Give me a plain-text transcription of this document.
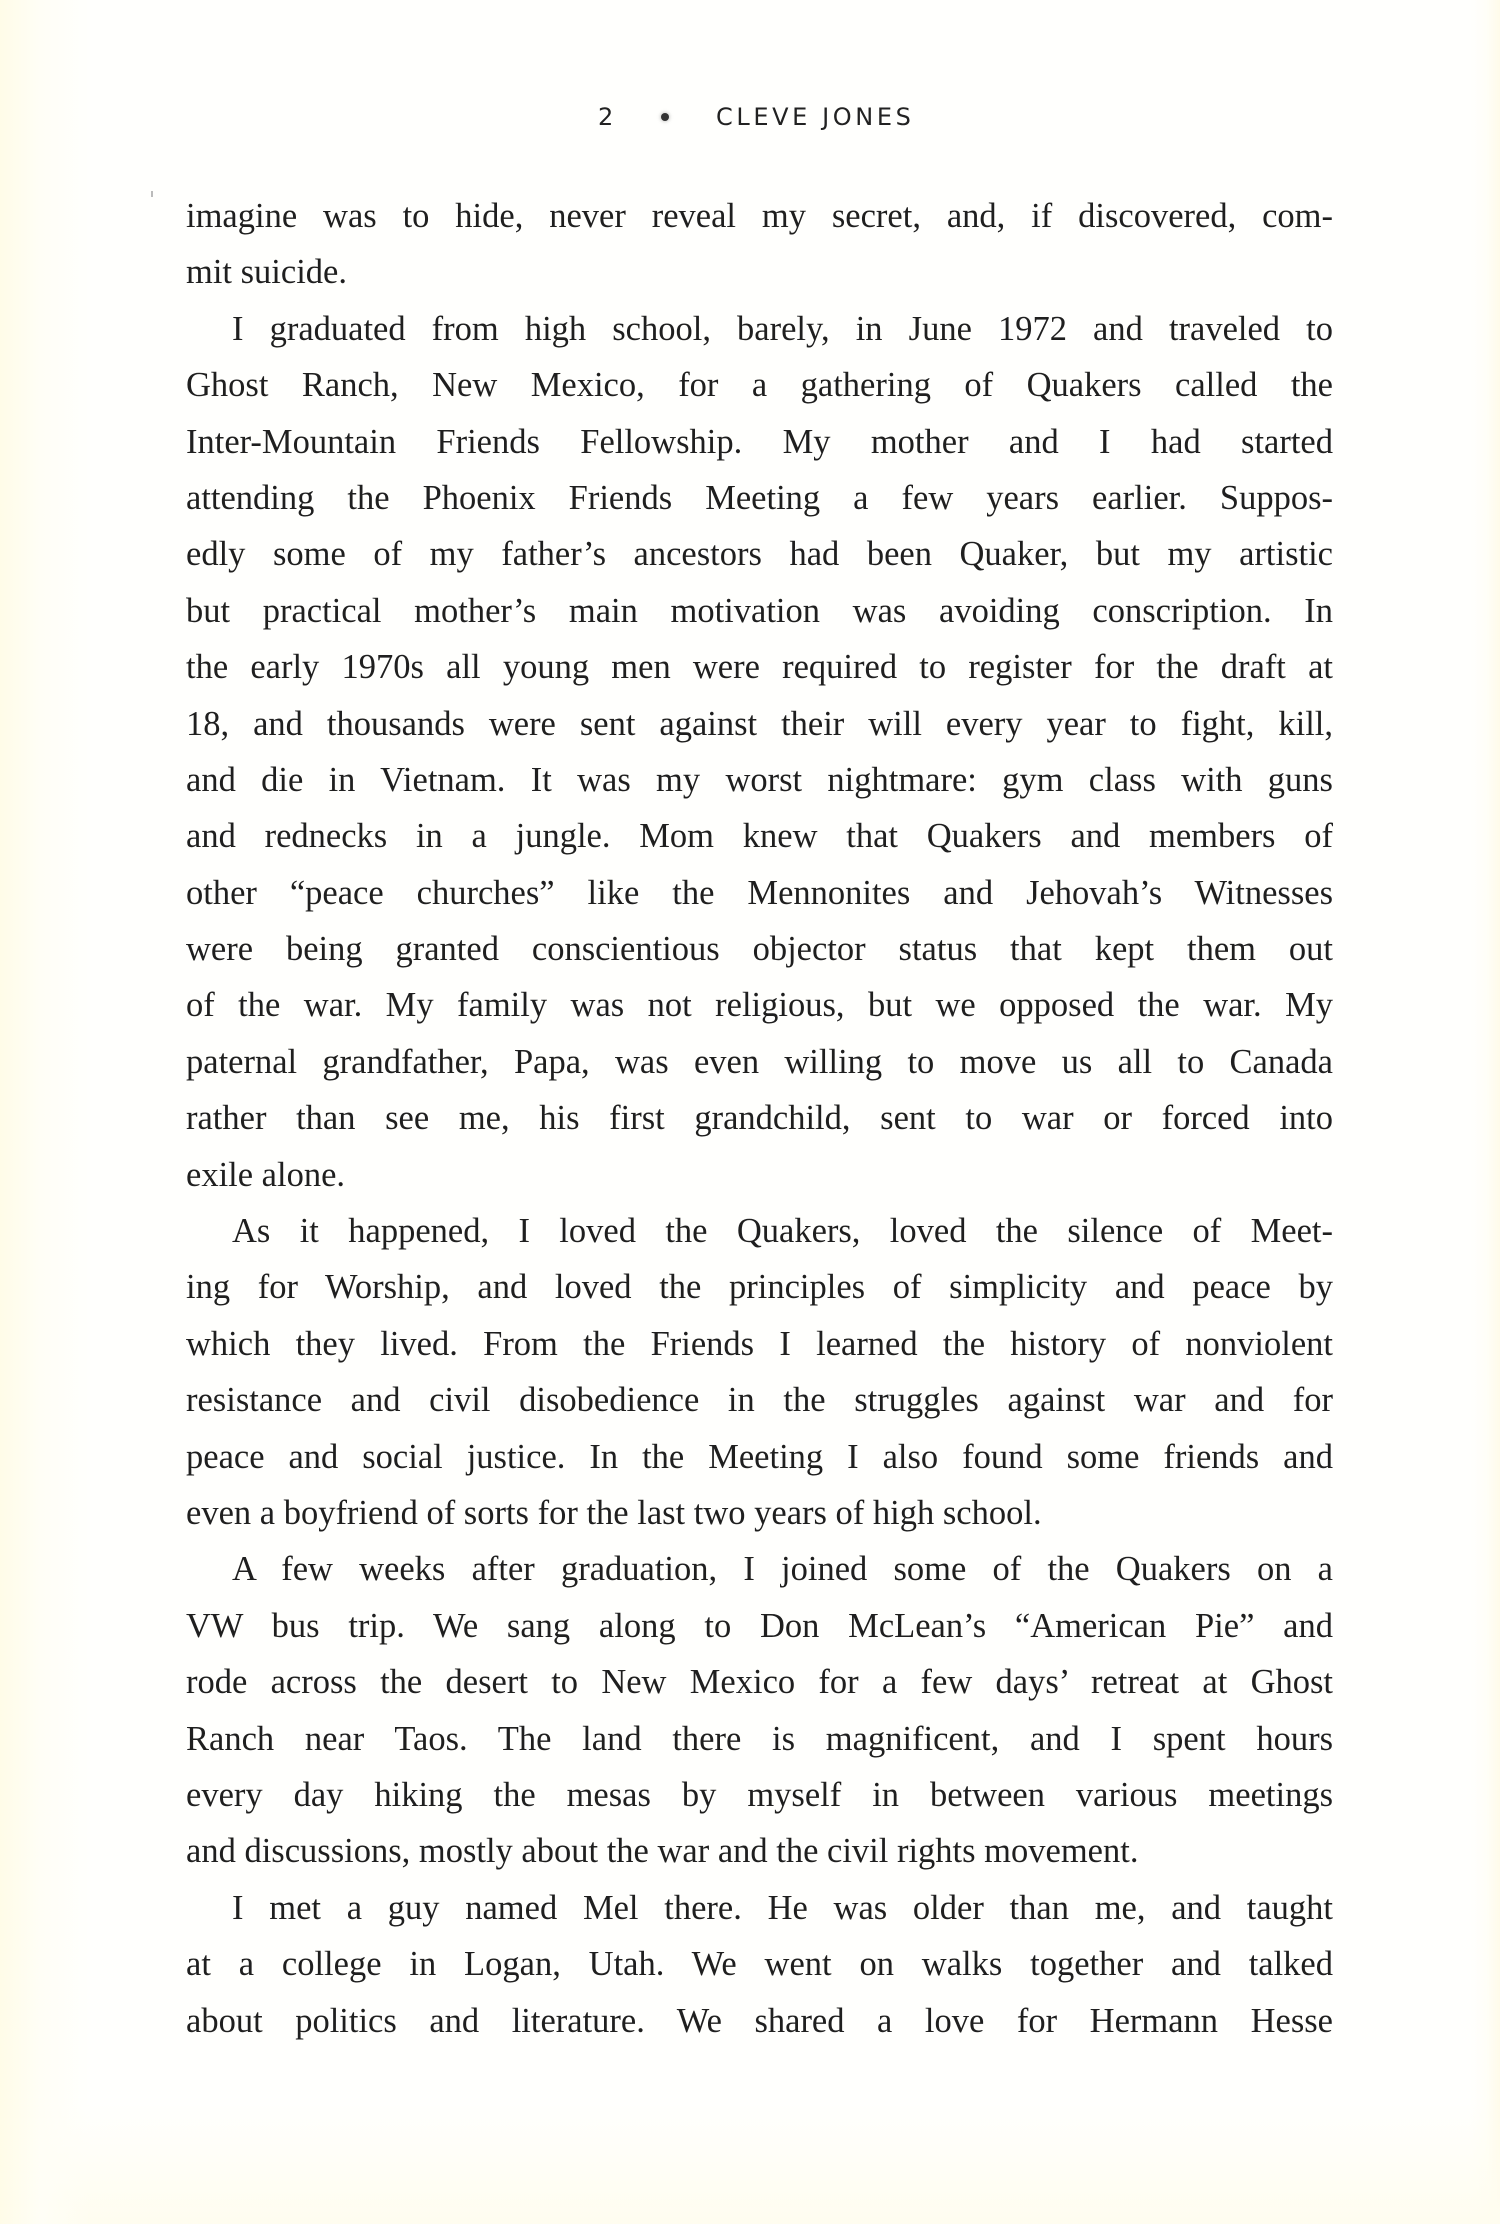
2	CLEVE JONES
imagine was to hide, never reveal my secret, and, if discovered, com-
mit suicide.
I graduated from high school, barely, in June 1972 and traveled to
Ghost Ranch, New Mexico, for a gathering of Quakers called the
Inter-Mountain Friends Fellowship. My mother and I had started
attending the Phoenix Friends Meeting a few years earlier. Suppos-
edly some of my father’s ancestors had been Quaker, but my artistic
but practical mother’s main motivation was avoiding conscription. In
the early 1970s all young men were required to register for the draft at
18, and thousands were sent against their will every year to fight, kill,
and die in Vietnam. It was my worst nightmare: gym class with guns
and rednecks in a jungle. Mom knew that Quakers and members of
other “peace churches” like the Mennonites and Jehovah’s Witnesses
were being granted conscientious objector status that kept them out
of the war. My family was not religious, but we opposed the war. My
paternal grandfather, Papa, was even willing to move us all to Canada
rather than see me, his first grandchild, sent to war or forced into
exile alone.
As it happened, I loved the Quakers, loved the silence of Meet-
ing for Worship, and loved the principles of simplicity and peace by
which they lived. From the Friends I learned the history of nonviolent
resistance and civil disobedience in the struggles against war and for
peace and social justice. In the Meeting I also found some friends and
even a boyfriend of sorts for the last two years of high school.
A few weeks after graduation, I joined some of the Quakers on a
VW bus trip. We sang along to Don McLean’s “American Pie” and
rode across the desert to New Mexico for a few days’ retreat at Ghost
Ranch near Taos. The land there is magnificent, and I spent hours
every day hiking the mesas by myself in between various meetings
and discussions, mostly about the war and the civil rights movement.
I met a guy named Mel there. He was older than me, and taught
at a college in Logan, Utah. We went on walks together and talked
about politics and literature. We shared a love for Hermann Hesse
